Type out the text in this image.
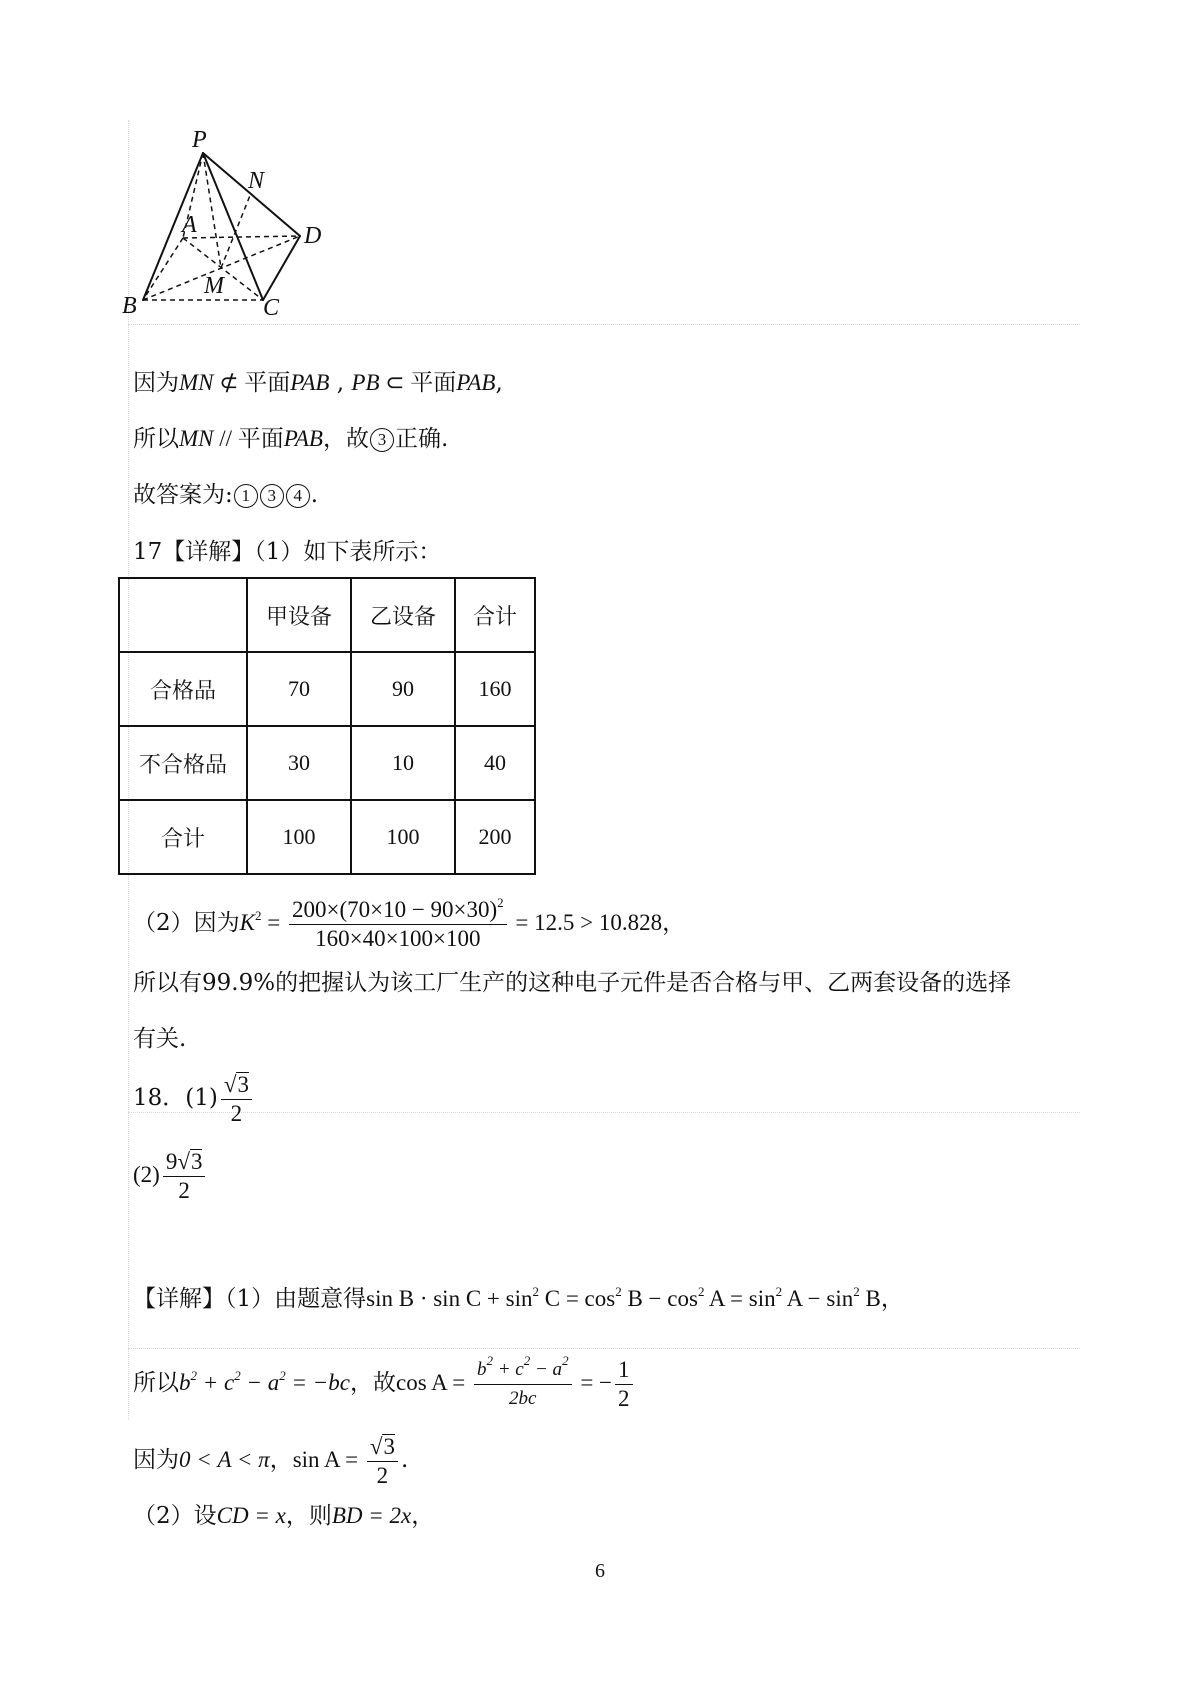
P
N
A	D
M
B	C
因为MN ⊄ 平面PAB , PB ⊂ 平面PAB,
所以MN // 平面PAB，故 3 正确.
故答案为: 1 3 4 .
17【详解】（1）如下表所示：
	甲设备	乙设备	合计
合格品	70	90	160
不合格品	30	10	40
合计	100	100	200
（2）因为$K^2 = \frac{200\times(70\times 10 - 90\times 30)^2}{160\times 40\times 100\times 100} = 12.5 > 10.828$，
所以有99.9%的把握认为该工厂生产的这种电子元件是否合格与甲、乙两套设备的选择
有关.
18．$(1) \frac{√3}{2}$
$(2) \frac{9√3}{2}$
【详解】（1）由题意得$\sin B \cdot \sin C + \sin^2 C = \cos^2 B - \cos^2 A = \sin^2 A - \sin^2 B$，
所以$b^2 + c^2 - a^2 = -bc$，故$\cos A = \frac{b^2 + c^2 - a^2}{2bc}$ = − $\frac{1}{2}$
因为0 < A < π，$\sin A = \frac{√3}{2}$ .
（2）设CD = x，则BD = 2x，
6
